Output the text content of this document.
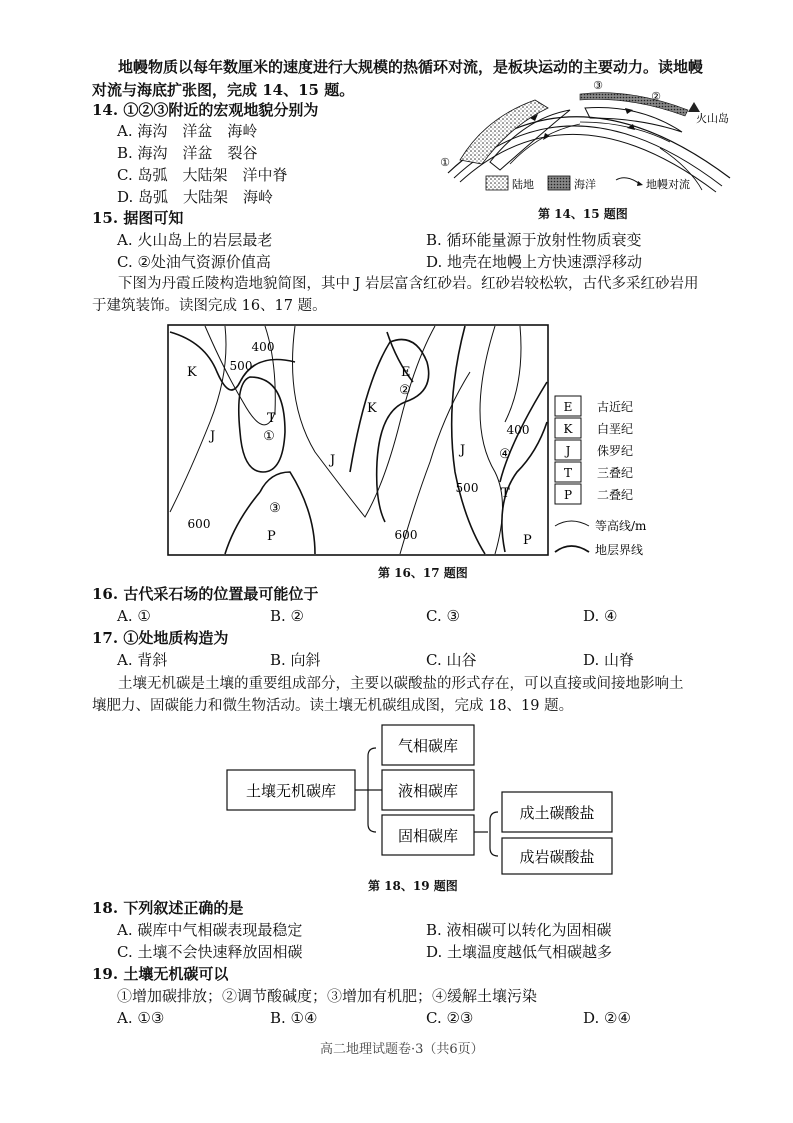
地幔物质以每年数厘米的速度进行大规模的热循环对流，是板块运动的主要动力。读地幔
对流与海底扩张图，完成 14、15 题。
14. ①②③附近的宏观地貌分别为
A. 海沟　洋盆　海岭
B. 海沟　洋盆　裂谷
C. 岛弧　大陆架　洋中脊
D. 岛弧　大陆架　海岭
③
②
①
火山岛
陆地	海洋	地幔对流
第 14、15 题图
15. 据图可知
A. 火山岛上的岩层最老	B. 循环能量源于放射性物质衰变
C. ②处油气资源价值高	D. 地壳在地幔上方快速漂浮移动
下图为丹霞丘陵构造地貌简图，其中 J 岩层富含红砂岩。红砂岩较松软，古代多采红砂岩用
于建筑装饰。读图完成 16、17 题。
400
500
600
600
400
500
K
K
J
J
J
T
T
E
P	P
①
②
③
④
E
K
J
T
P
古近纪
白垩纪
侏罗纪
三叠纪
二叠纪
等高线/m
地层界线
第 16、17 题图
16. 古代采石场的位置最可能位于
A. ①	B. ②	C. ③	D. ④
17. ①处地质构造为
A. 背斜	B. 向斜	C. 山谷	D. 山脊
土壤无机碳是土壤的重要组成部分，主要以碳酸盐的形式存在，可以直接或间接地影响土
壤肥力、固碳能力和微生物活动。读土壤无机碳组成图，完成 18、19 题。
土壤无机碳库
气相碳库
液相碳库
固相碳库
成土碳酸盐
成岩碳酸盐
第 18、19 题图
18. 下列叙述正确的是
A. 碳库中气相碳表现最稳定	B. 液相碳可以转化为固相碳
C. 土壤不会快速释放固相碳	D. 土壤温度越低气相碳越多
19. 土壤无机碳可以
①增加碳排放；②调节酸碱度；③增加有机肥；④缓解土壤污染
A. ①③	B. ①④	C. ②③	D. ②④
高二地理试题卷·3（共6页）
